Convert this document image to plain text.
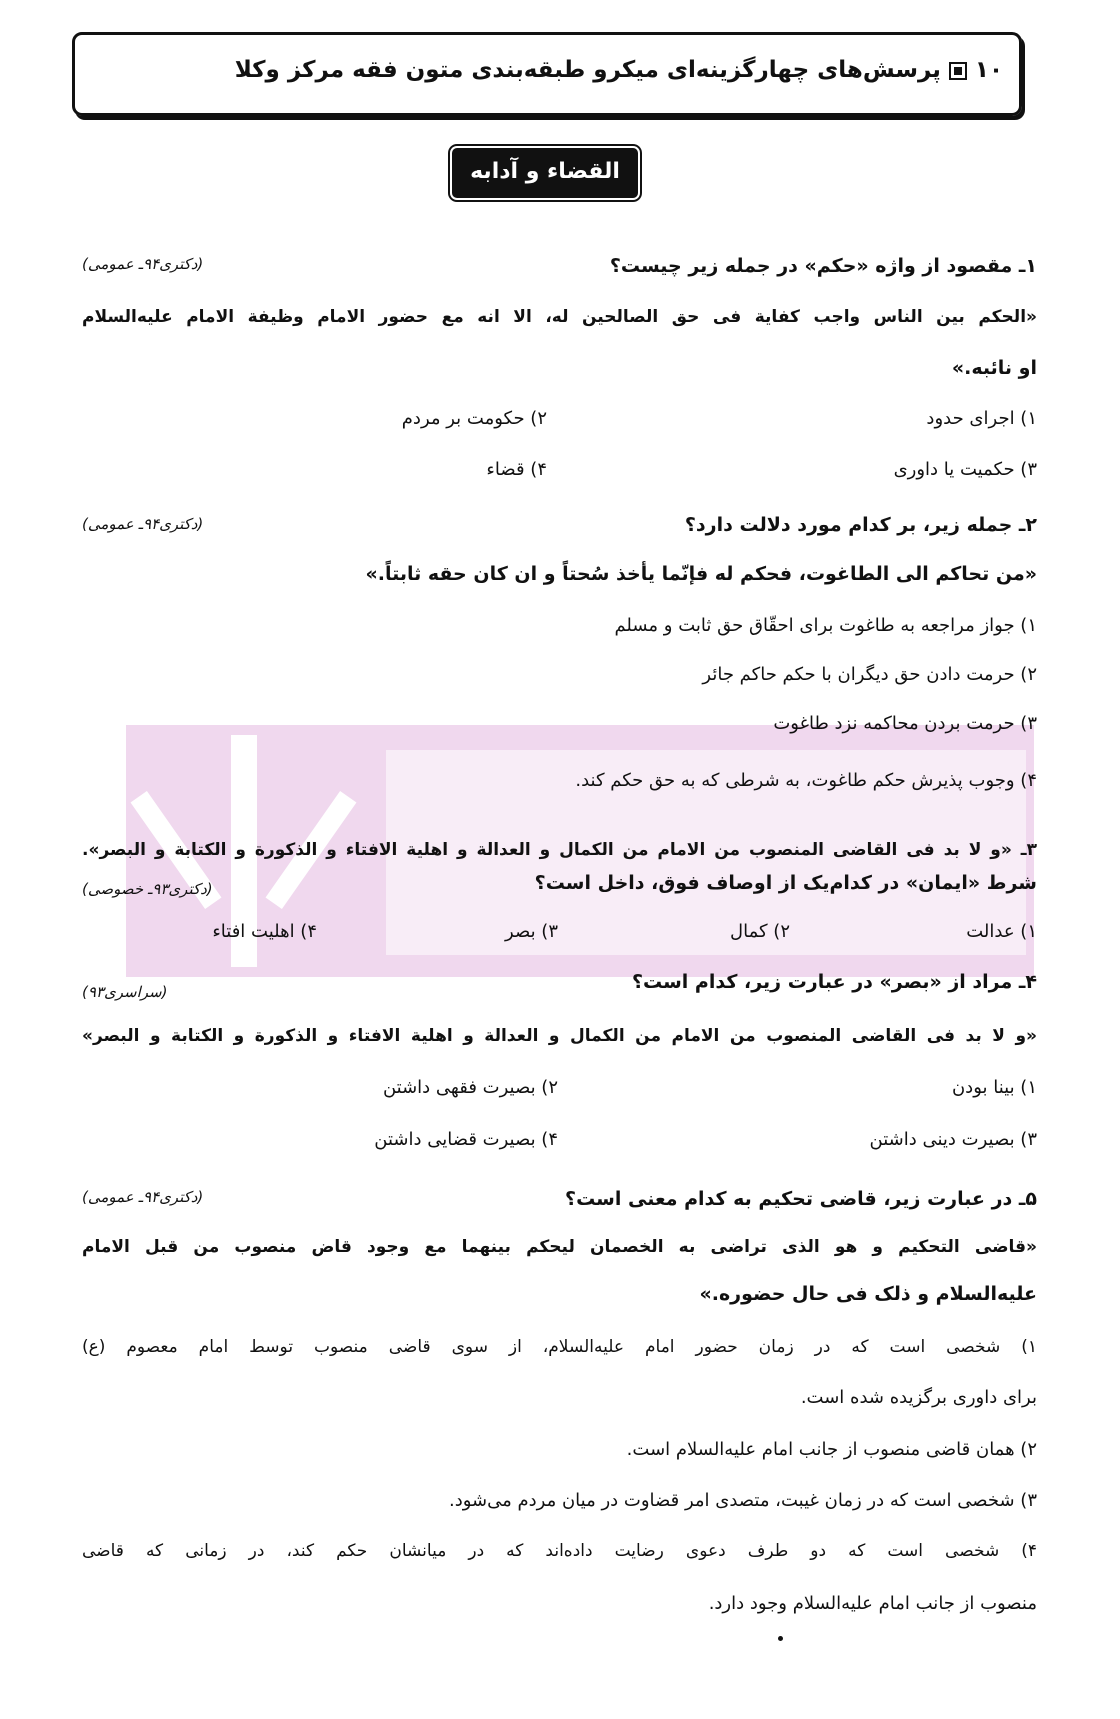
۱۰پرسش‌های چهارگزینه‌ای میکرو طبقه‌بندی متون فقه مرکز وکلا
القضاء و آدابه
۱ـ مقصود از واژه «حکم» در جمله زیر چیست؟
(دکتری۹۴ـ عمومی)
«الحکم بین الناس واجب کفایة فی حق الصالحین له، الا انه مع حضور الامام وظیفة الامام علیه‌السلام
او نائبه.»
۱) اجرای حدود
۲) حکومت بر مردم
۳) حکمیت یا داوری
۴) قضاء
۲ـ جمله زیر، بر کدام مورد دلالت دارد؟
(دکتری۹۴ـ عمومی)
«من تحاکم الی الطاغوت، فحکم له فإنّما یأخذ سُحتاً و ان کان حقه ثابتاً.»
۱) جواز مراجعه به طاغوت برای احقّاق حق ثابت و مسلم
۲) حرمت دادن حق دیگران با حکم حاکم جائر
۳) حرمت بردن محاکمه نزد طاغوت
۴) وجوب پذیرش حکم طاغوت، به شرطی که به حق حکم کند.
۳ـ «و لا بد فی القاضی المنصوب من الامام من الکمال و العدالة و اهلیة الافتاء و الذکورة و الکتابة و البصر».
شرط «ایمان» در کدام‌یک از اوصاف فوق، داخل است؟
(دکتری۹۳ـ خصوصی)
۱) عدالت
۲) کمال
۳) بصر
۴) اهلیت افتاء
۴ـ مراد از «بصر» در عبارت زیر، کدام است؟
(سراسری۹۳)
«و لا بد فی القاضی المنصوب من الامام من الکمال و العدالة و اهلیة الافتاء و الذکورة و الکتابة و البصر»
۱) بینا بودن
۲) بصیرت فقهی داشتن
۳) بصیرت دینی داشتن
۴) بصیرت قضایی داشتن
۵ـ در عبارت زیر، قاضی تحکیم به کدام معنی است؟
(دکتری۹۴ـ عمومی)
«قاضی التحکیم و هو الذی تراضی به الخصمان لیحکم بینهما مع وجود قاض منصوب من قبل الامام
علیه‌السلام و ذلک فی حال حضوره.»
۱) شخصی است که در زمان حضور امام علیه‌السلام، از سوی قاضی منصوب توسط امام معصوم (ع)
برای داوری برگزیده شده است.
۲) همان قاضی منصوب از جانب امام علیه‌السلام است.
۳) شخصی است که در زمان غیبت، متصدی امر قضاوت در میان مردم می‌شود.
۴) شخصی است که دو طرف دعوی رضایت داده‌اند که در میانشان حکم کند، در زمانی که قاضی
منصوب از جانب امام علیه‌السلام وجود دارد.
